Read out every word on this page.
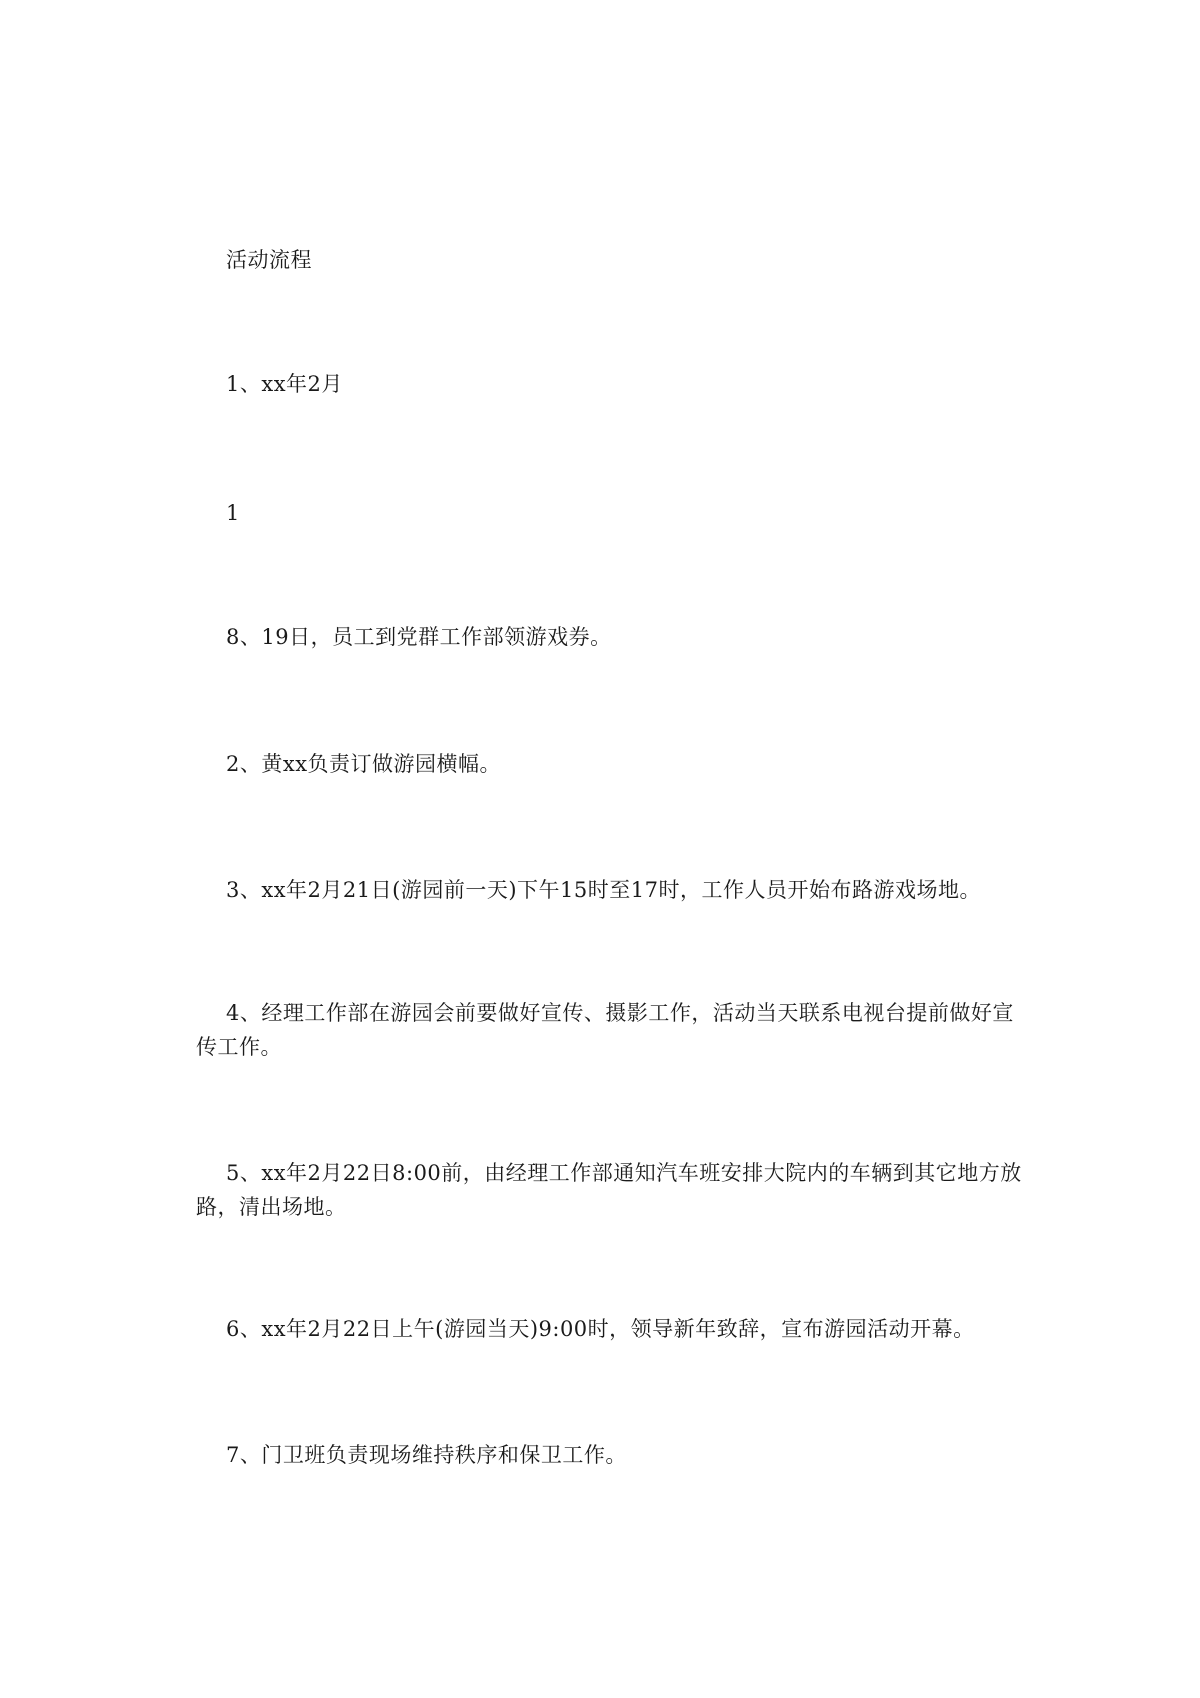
活动流程
1、xx年2月
1
8、19日，员工到党群工作部领游戏券。
2、黄xx负责订做游园横幅。
3、xx年2月21日(游园前一天)下午15时至17时，工作人员开始布路游戏场地。
4、经理工作部在游园会前要做好宣传、摄影工作，活动当天联系电视台提前做好宣传工作。
5、xx年2月22日8:00前，由经理工作部通知汽车班安排大院内的车辆到其它地方放路，清出场地。
6、xx年2月22日上午(游园当天)9:00时，领导新年致辞，宣布游园活动开幕。
7、门卫班负责现场维持秩序和保卫工作。
